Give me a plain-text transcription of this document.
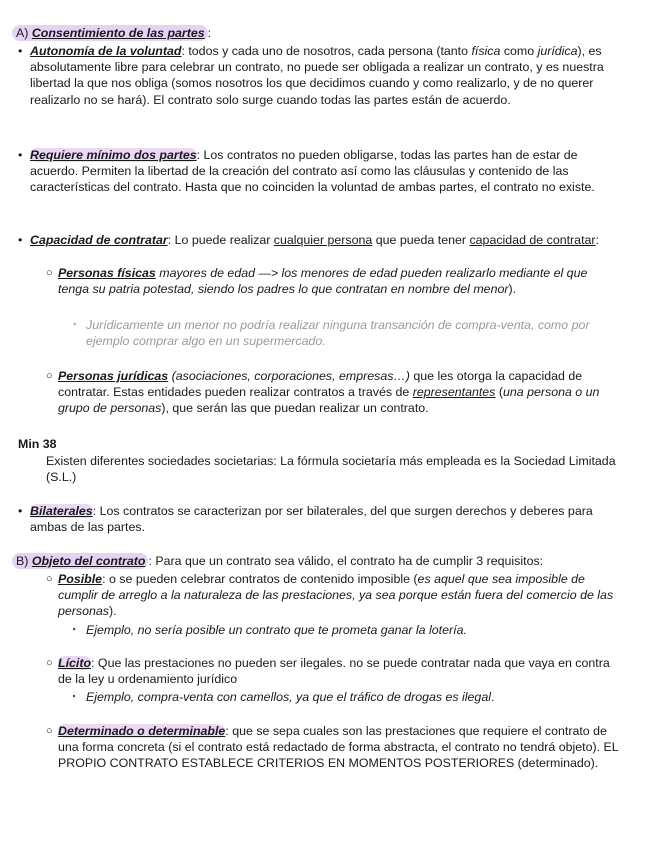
A) Consentimiento de las partes :
• Autonomía de la voluntad: todos y cada uno de nosotros, cada persona (tanto física como jurídica), es absolutamente libre para celebrar un contrato, no puede ser obligada a realizar un contrato, y es nuestra libertad la que nos obliga (somos nosotros los que decidimos cuando y como realizarlo, y de no querer realizarlo no se hará). El contrato solo surge cuando todas las partes están de acuerdo.

• Requiere mínimo dos partes: Los contratos no pueden obligarse, todas las partes han de estar de acuerdo. Permiten la libertad de la creación del contrato así como las cláusulas y contenido de las características del contrato. Hasta que no coinciden la voluntad de ambas partes, el contrato no existe.

• Capacidad de contratar: Lo puede realizar cualquier persona que pueda tener capacidad de contratar:

○ Personas físicas mayores de edad —> los menores de edad pueden realizarlo mediante el que tenga su patria potestad, siendo los padres lo que contratan en nombre del menor).

‣ Jurídicamente un menor no podría realizar ninguna transanción de compra-venta, como por ejemplo comprar algo en un supermercado.

○ Personas jurídicas (asociaciones, corporaciones, empresas…) que les otorga la capacidad de contratar. Estas entidades pueden realizar contratos a través de representantes (una persona o un grupo de personas), que serán las que puedan realizar un contrato.

Min 38

Existen diferentes sociedades societarias: La fórmula societaría más empleada es la Sociedad Limitada (S.L.)

• Bilaterales: Los contratos se caracterizan por ser bilaterales, del que surgen derechos y deberes para ambas de las partes.

B) Objeto del contrato : Para que un contrato sea válido, el contrato ha de cumplir 3 requisitos:
○ Posible: o se pueden celebrar contratos de contenido imposible (es aquel que sea imposible de cumplir de arreglo a la naturaleza de las prestaciones, ya sea porque están fuera del comercio de las personas).

‣ Ejemplo, no sería posible un contrato que te prometa ganar la lotería.

○ Lícito: Que las prestaciones no pueden ser ilegales. no se puede contratar nada que vaya en contra de la ley u ordenamiento jurídico

‣ Ejemplo, compra-venta con camellos, ya que el tráfico de drogas es ilegal.

○ Determinado o determinable: que se sepa cuales son las prestaciones que requiere el contrato de una forma concreta (si el contrato está redactado de forma abstracta, el contrato no tendrá objeto). EL PROPIO CONTRATO ESTABLECE CRITERIOS EN MOMENTOS POSTERIORES (determinado).
